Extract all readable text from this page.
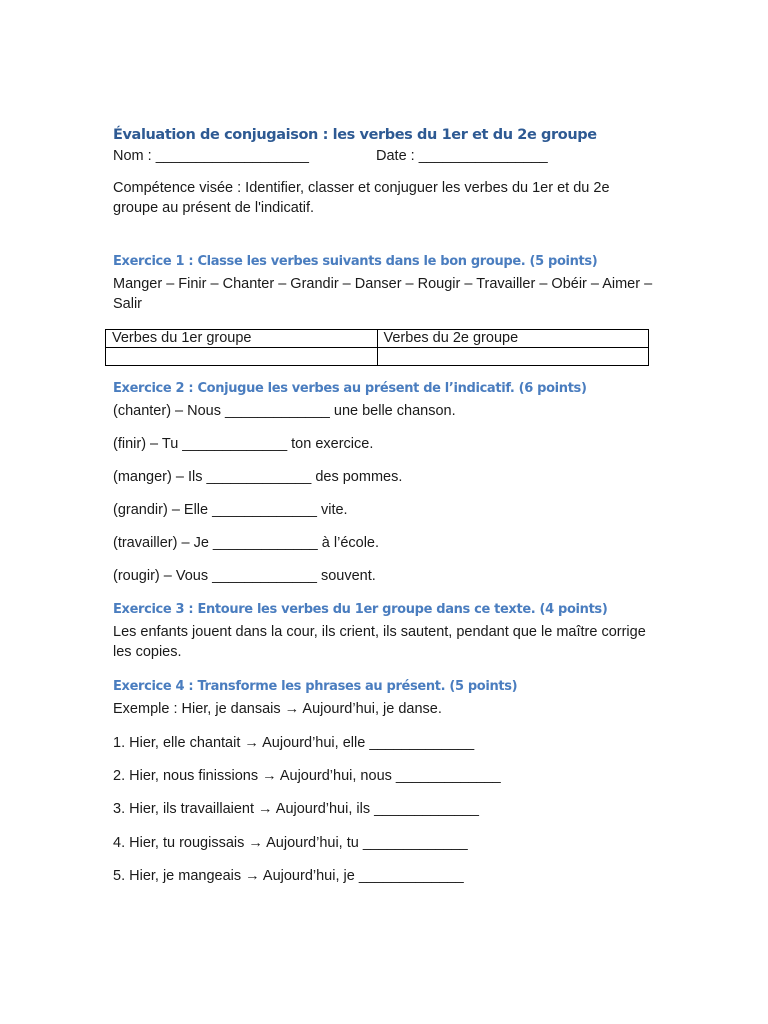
Évaluation de conjugaison : les verbes du 1er et du 2e groupe
Nom : ___________________	Date : ________________

Compétence visée : Identifier, classer et conjuguer les verbes du 1er et du 2e groupe au présent de l'indicatif.

Exercice 1 : Classe les verbes suivants dans le bon groupe. (5 points)

Manger – Finir – Chanter – Grandir – Danser – Rougir – Travailler – Obéir – Aimer – Salir

Verbes du 1er groupe	Verbes du 2e groupe

Exercice 2 : Conjugue les verbes au présent de l’indicatif. (6 points)

(chanter) – Nous _____________ une belle chanson.

(finir) – Tu _____________ ton exercice.

(manger) – Ils _____________ des pommes.

(grandir) – Elle _____________ vite.

(travailler) – Je _____________ à l’école.

(rougir) – Vous _____________ souvent.

Exercice 3 : Entoure les verbes du 1er groupe dans ce texte. (4 points)

Les enfants jouent dans la cour, ils crient, ils sautent, pendant que le maître corrige les copies.

Exercice 4 : Transforme les phrases au présent. (5 points)

Exemple : Hier, je dansais → Aujourd’hui, je danse.

1. Hier, elle chantait → Aujourd’hui, elle _____________

2. Hier, nous finissions → Aujourd’hui, nous _____________

3. Hier, ils travaillaient → Aujourd’hui, ils _____________

4. Hier, tu rougissais → Aujourd’hui, tu _____________

5. Hier, je mangeais → Aujourd’hui, je _____________
